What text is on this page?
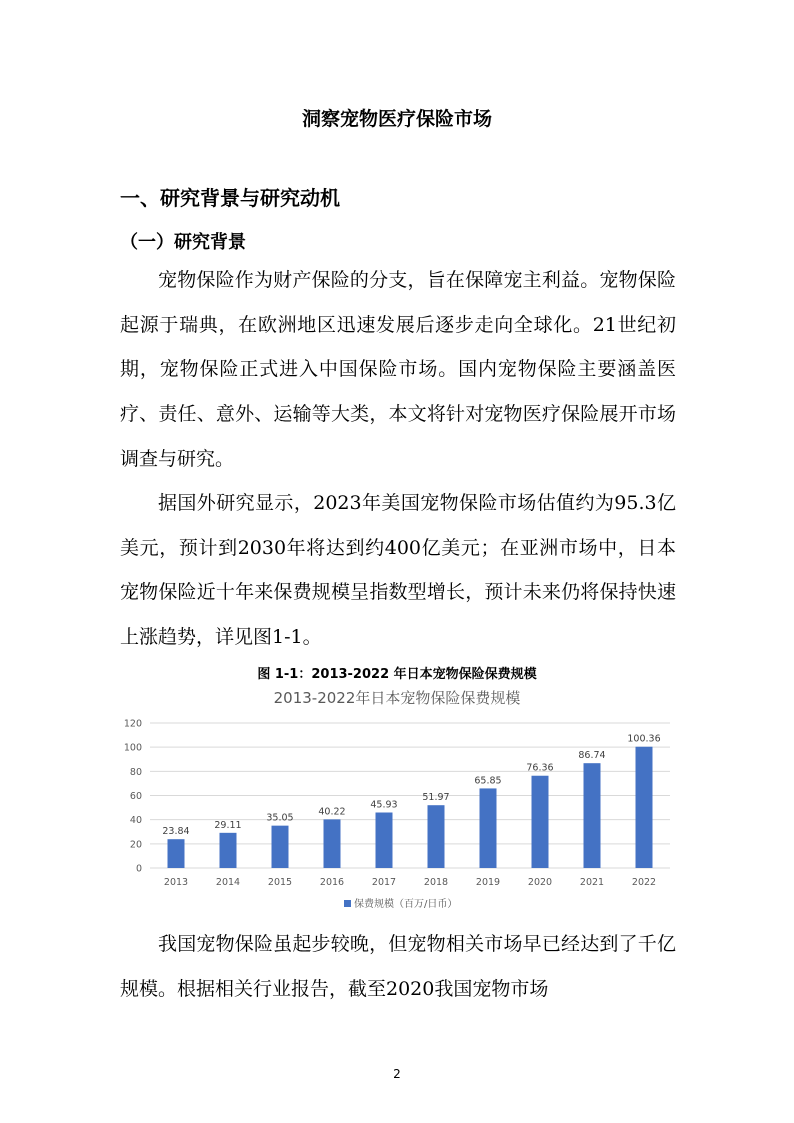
洞察宠物医疗保险市场
一、研究背景与研究动机
（一）研究背景

宠物保险作为财产保险的分支，旨在保障宠主利益。宠物保险起源于瑞典，在欧洲地区迅速发展后逐步走向全球化。21世纪初期，宠物保险正式进入中国保险市场。国内宠物保险主要涵盖医疗、责任、意外、运输等大类，本文将针对宠物医疗保险展开市场调查与研究。

据国外研究显示，2023年美国宠物保险市场估值约为95.3亿美元，预计到2030年将达到约400亿美元；在亚洲市场中，日本宠物保险近十年来保费规模呈指数型增长，预计未来仍将保持快速上涨趋势，详见图1-1。

图 1-1：2013-2022 年日本宠物保险保费规模

2013-2022年日本宠物保险保费规模
0
20
40
60
80
100
120
23.84
29.11
35.05
40.22
45.93
51.97
65.85
76.36
86.74
100.36
2013	2014	2015	2016	2017	2018	2019	2020	2021	2022
保费规模（百万/日币）

我国宠物保险虽起步较晚，但宠物相关市场早已经达到了千亿规模。根据相关行业报告，截至2020我国宠物市场

2
